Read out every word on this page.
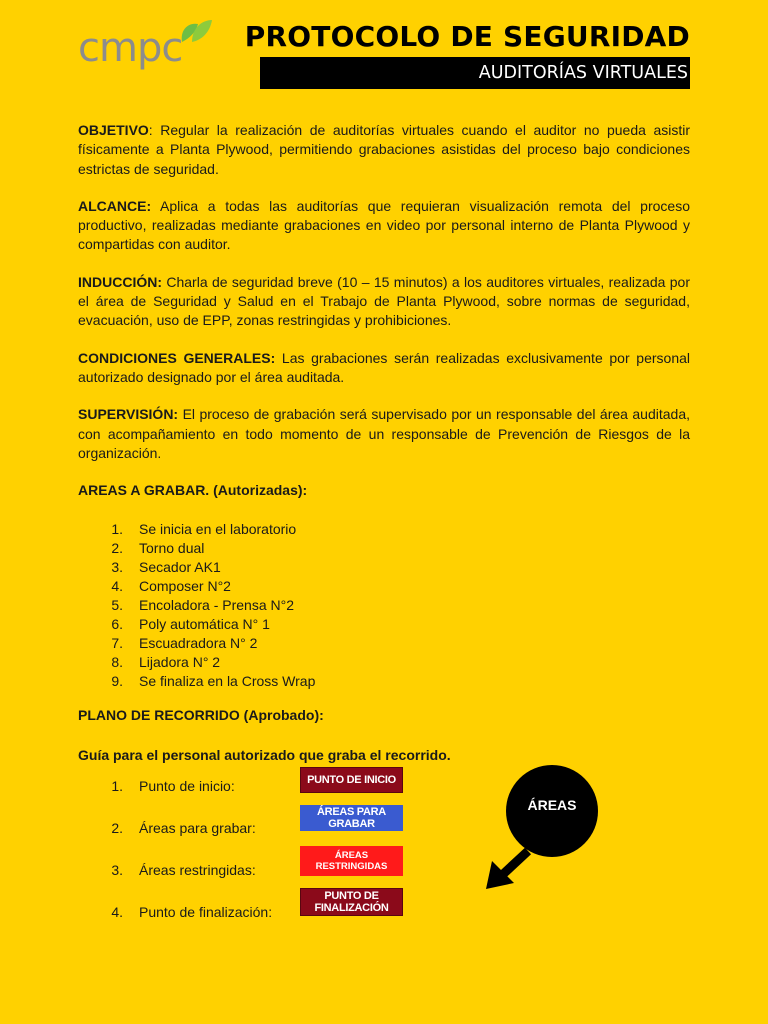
cmpc PROTOCOLO DE SEGURIDAD
AUDITORÍAS VIRTUALES

OBJETIVO: Regular la realización de auditorías virtuales cuando el auditor no pueda asistir físicamente a Planta Plywood, permitiendo grabaciones asistidas del proceso bajo condiciones estrictas de seguridad.

ALCANCE: Aplica a todas las auditorías que requieran visualización remota del proceso productivo, realizadas mediante grabaciones en video por personal interno de Planta Plywood y compartidas con auditor.

INDUCCIÓN: Charla de seguridad breve (10 – 15 minutos) a los auditores virtuales, realizada por el área de Seguridad y Salud en el Trabajo de Planta Plywood, sobre normas de seguridad, evacuación, uso de EPP, zonas restringidas y prohibiciones.

CONDICIONES GENERALES: Las grabaciones serán realizadas exclusivamente por personal autorizado designado por el área auditada.

SUPERVISIÓN: El proceso de grabación será supervisado por un responsable del área auditada, con acompañamiento en todo momento de un responsable de Prevención de Riesgos de la organización.

AREAS A GRABAR. (Autorizadas):
1. Se inicia en el laboratorio
2. Torno dual
3. Secador AK1
4. Composer N°2
5. Encoladora - Prensa N°2
6. Poly automática N° 1
7. Escuadradora N° 2
8. Lijadora N° 2
9. Se finaliza en la Cross Wrap
PLANO DE RECORRIDO (Aprobado):
Guía para el personal autorizado que graba el recorrido.
1. Punto de inicio:	PUNTO DE INICIO
2. Áreas para grabar:
ÁREAS PARA GRABAR
3. Áreas restringidas:
ÁREAS
RESTRINGIDAS
4. Punto de finalización:
PUNTO DE FINALIZACIÓN
ÁREAS
